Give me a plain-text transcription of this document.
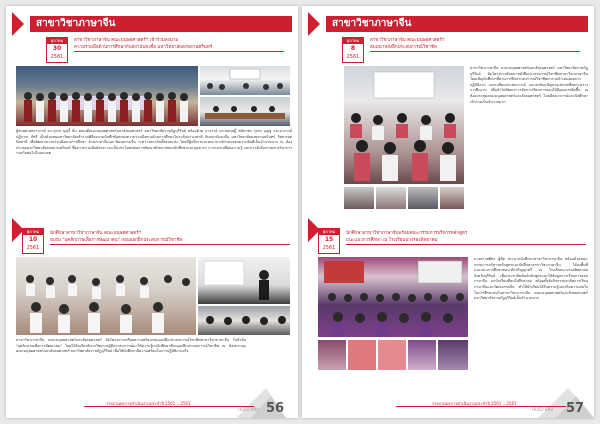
สาขาวิชาภาษาจีน
ตุลาคม
30
2561
สาขาวิชาภาษาจีน คณะมนุษยศาสตร์ฯ เข้าร่วมลงนาม
ความร่วมมือด้านการศึกษากับสถาบันขงจื่อ มหาวิทยาลัยสงขลานครินทร์
ผู้ช่วยศาสตราจารย์ ดร.รุ่งรส บุญจิ้ ลิ่ม คณบดีคณะมนุษยศาสตร์และสังคมศาสตร์ มหาวิทยาลัยราชภัฏบุรีรัมย์ พร้อมด้วย อาจารย์ ดร.สหฤษฎิ์ ชนิดาพร รุ่งรส บุญชู และอาจารย์ปฏิภาณ ภัทรี เป็นตัวแทนมหาวิทยาลัยเข้าร่วมพิธีลงนามบันทึกข้อตกลงความร่วมมือทางด้านการศึกษาในระดับนานาชาติ กับสถาบันขงจื่อ มหาวิทยาลัยสงขลานครินทร์ วิทยาเขตปัตตานี เพื่อพัฒนาความร่วมมือทางการศึกษา ด้านภาษาจีนและวัฒนธรรมจีน ระหว่างสถาบันทั้งสองแห่ง โดยมีผู้บริหารและคณาจารย์ร่วมแสดงความยินดีเป็นจำนวนมาก ณ ห้องประชุมมหาวิทยาลัยสงขลานครินทร์ ซึ่งความร่วมมือดังกล่าวจะเป็นประโยชน์ต่อการพัฒนาศักยภาพของนักศึกษาและบุคลากร การแลกเปลี่ยนความรู้ และการจัดกิจกรรมทางวิชาการร่วมกันต่อไปในอนาคต
ตุลาคม
10
2561
นักศึกษาสาขาวิชาภาษาจีน คณะมนุษยศาสตร์ฯ
อบรม "บุคลิกภาพเพื่อการพัฒนาตน" ก่อนออกฝึกประสบการณ์วิชาชีพ
สาขาวิชาภาษาจีน คณะมนุษยศาสตร์และสังคมศาสตร์ จัดโครงการเตรียมความพร้อมก่อนออกฝึกประสบการณ์วิชาชีพสาขาวิชาภาษาจีน ในหัวข้อ "บุคลิกภาพเพื่อการพัฒนาตน" โดยได้รับเกียรติจากวิทยากรผู้มีประสบการณ์มาให้ความรู้แก่นักศึกษาที่จะออกฝึกประสบการณ์วิชาชีพ ณ ห้องประชุมคณะมนุษยศาสตร์และสังคมศาสตร์ มหาวิทยาลัยราชภัฏบุรีรัมย์ เพื่อให้นักศึกษามีความพร้อมในการปฏิบัติงานจริง
รายงานผลการดำเนินงานประจำปี 2561 ...2561
HUSO BRU 56
สาขาวิชาภาษาจีน
ตุลาคม
8
2561
สาขาวิชาภาษาจีน คณะมนุษยศาสตร์ฯ
สัมมนาหลังฝึกประสบการณ์วิชาชีพ
สาขาวิชาภาษาจีน คณะมนุษยศาสตร์และสังคมศาสตร์ มหาวิทยาลัยราชภัฏบุรีรัมย์ จัดโครงการสัมมนาหลังฝึกประสบการณ์วิชาชีพสาขาวิชาภาษาจีน โดยเชิญนักศึกษาที่ผ่านการฝึกประสบการณ์วิชาชีพมาร่วมนำเสนอผลการปฏิบัติงาน แลกเปลี่ยนประสบการณ์ และสะท้อนปัญหาอุปสรรคที่พบระหว่างการฝึกงาน เพื่อนำไปพัฒนาการจัดการเรียนการสอนให้มีคุณภาพยิ่งขึ้น ณ ห้องประชุมคณะมนุษยศาสตร์และสังคมศาสตร์ โดยมีคณาจารย์และนักศึกษาเข้าร่วมเป็นจำนวนมาก
ตุลาคม
15
2561
นักศึกษาสาขาวิชาภาษาจีนพร้อมคณะกรรมการบริหารหลักสูตร
แนะแนวการศึกษา ณ โรงเรียนนางรองพิทยาคม
นางสาวศศิพร ผู้ชัย ประธานนักศึกษาสาขาวิชาภาษาจีน พร้อมด้วยคณะกรรมการบริหารหลักสูตรและนักศึกษาสาขาวิชาภาษาจีน ได้ลงพื้นที่แนะแนวการศึกษาต่อระดับปริญญาตรี ณ โรงเรียนนางรองพิทยาคม จังหวัดบุรีรัมย์ เพื่อประชาสัมพันธ์หลักสูตรและให้ข้อมูลการเรียนการสอนภาษาจีน แก่นักเรียนที่สนใจศึกษาต่อ พร้อมทั้งจัดกิจกรรมสาธิตการเรียนภาษาจีนและวัฒนธรรมจีน ทำให้นักเรียนได้รับความรู้และเกิดความสนใจในการศึกษาต่อในสาขาวิชาภาษาจีน คณะมนุษยศาสตร์และสังคมศาสตร์ มหาวิทยาลัยราชภัฏบุรีรัมย์เป็นจำนวนมาก
รายงานผลการดำเนินงานประจำปี 2561 ...2561
HUSO BRU 57
